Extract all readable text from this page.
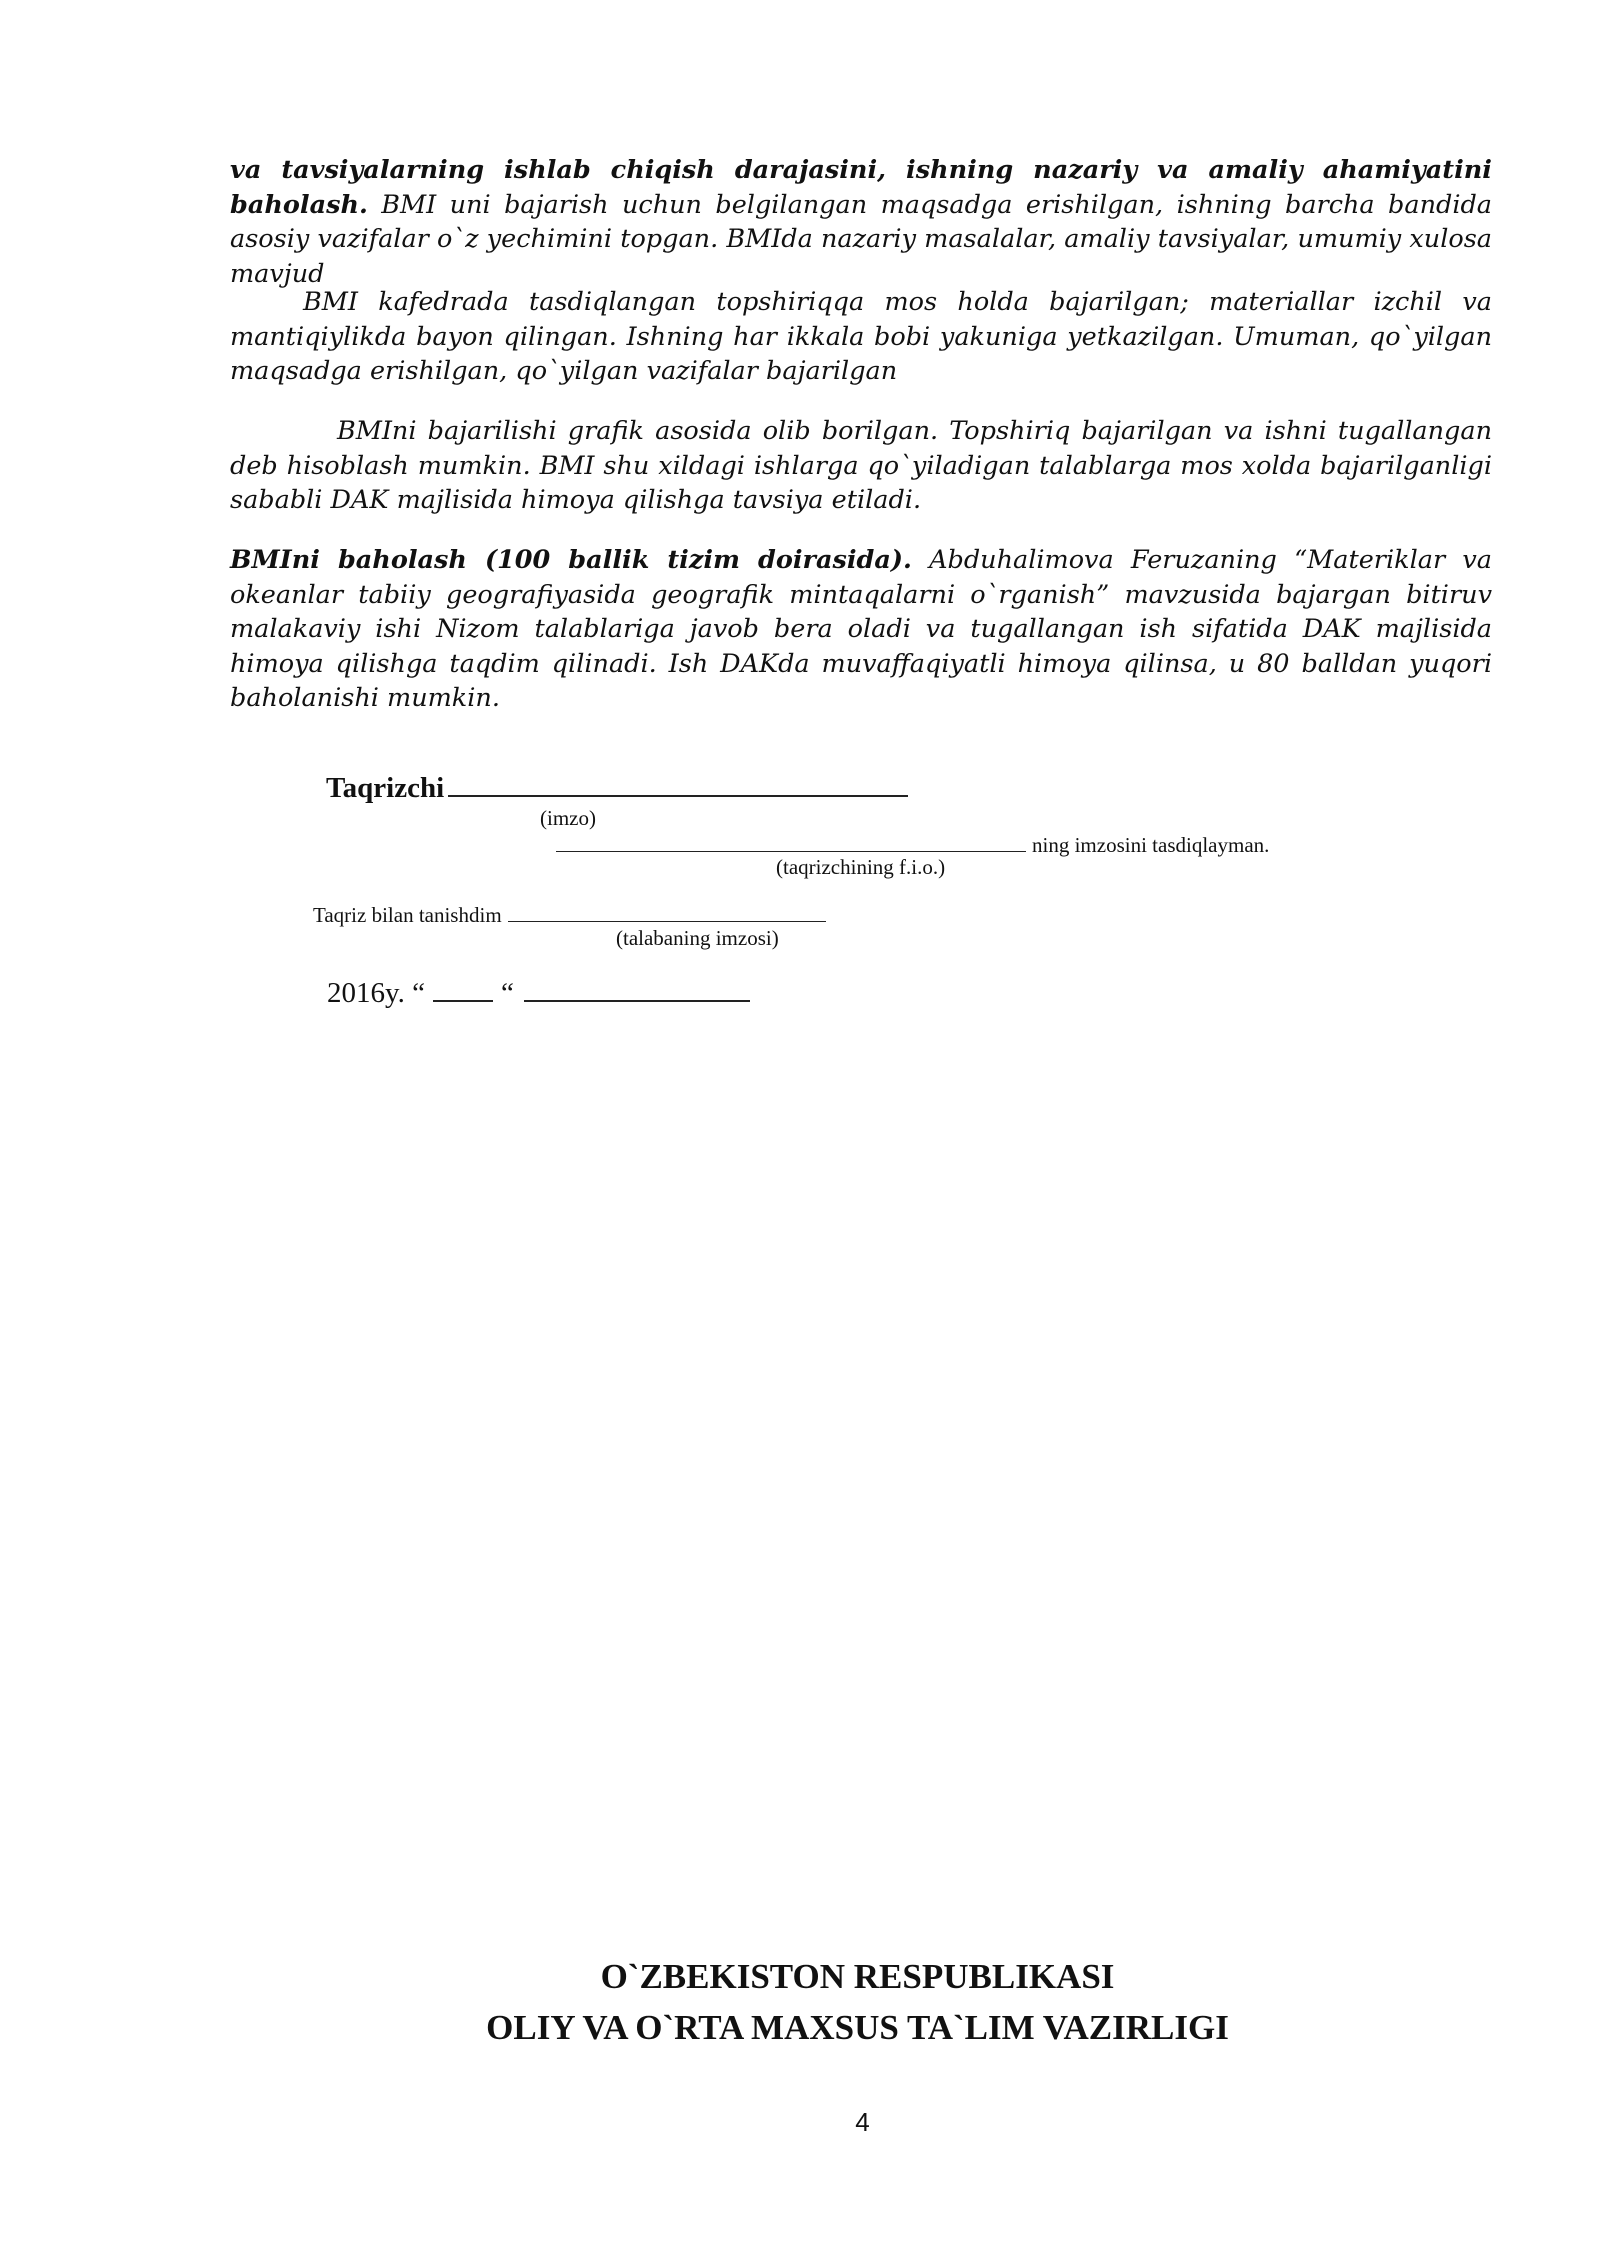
va tavsiyalarning ishlab chiqish darajasini, ishning nazariy va amaliy ahamiyatini baholash. BMI uni bajarish uchun belgilangan maqsadga erishilgan, ishning barcha bandida asosiy vazifalar o`z yechimini topgan. BMIda nazariy masalalar, amaliy tavsiyalar, umumiy xulosa mavjud

BMI kafedrada tasdiqlangan topshiriqqa mos holda bajarilgan; materiallar izchil va mantiqiylikda bayon qilingan. Ishning har ikkala bobi yakuniga yetkazilgan. Umuman, qo`yilgan maqsadga erishilgan, qo`yilgan vazifalar bajarilgan

BMIni bajarilishi grafik asosida olib borilgan. Topshiriq bajarilgan va ishni tugallangan deb hisoblash mumkin. BMI shu xildagi ishlarga qo`yiladigan talablarga mos xolda bajarilganligi sababli DAK majlisida himoya qilishga tavsiya etiladi.

BMIni baholash (100 ballik tizim doirasida). Abduhalimova Feruzaning “Materiklar va okeanlar tabiiy geografiyasida geografik mintaqalarni o`rganish” mavzusida bajargan bitiruv malakaviy ishi Nizom talablariga javob bera oladi va tugallangan ish sifatida DAK majlisida himoya qilishga taqdim qilinadi. Ish DAKda muvaffaqiyatli himoya qilinsa, u 80 balldan yuqori baholanishi mumkin.

Taqrizchi
(imzo)
ning imzosini tasdiqlayman.
(taqrizchining f.i.o.)
Taqriz bilan tanishdim
(talabaning imzosi)
2016y. “	“
O`ZBEKISTON RESPUBLIKASI
OLIY VA O`RTA MAXSUS TA`LIM VAZIRLIGI
4
